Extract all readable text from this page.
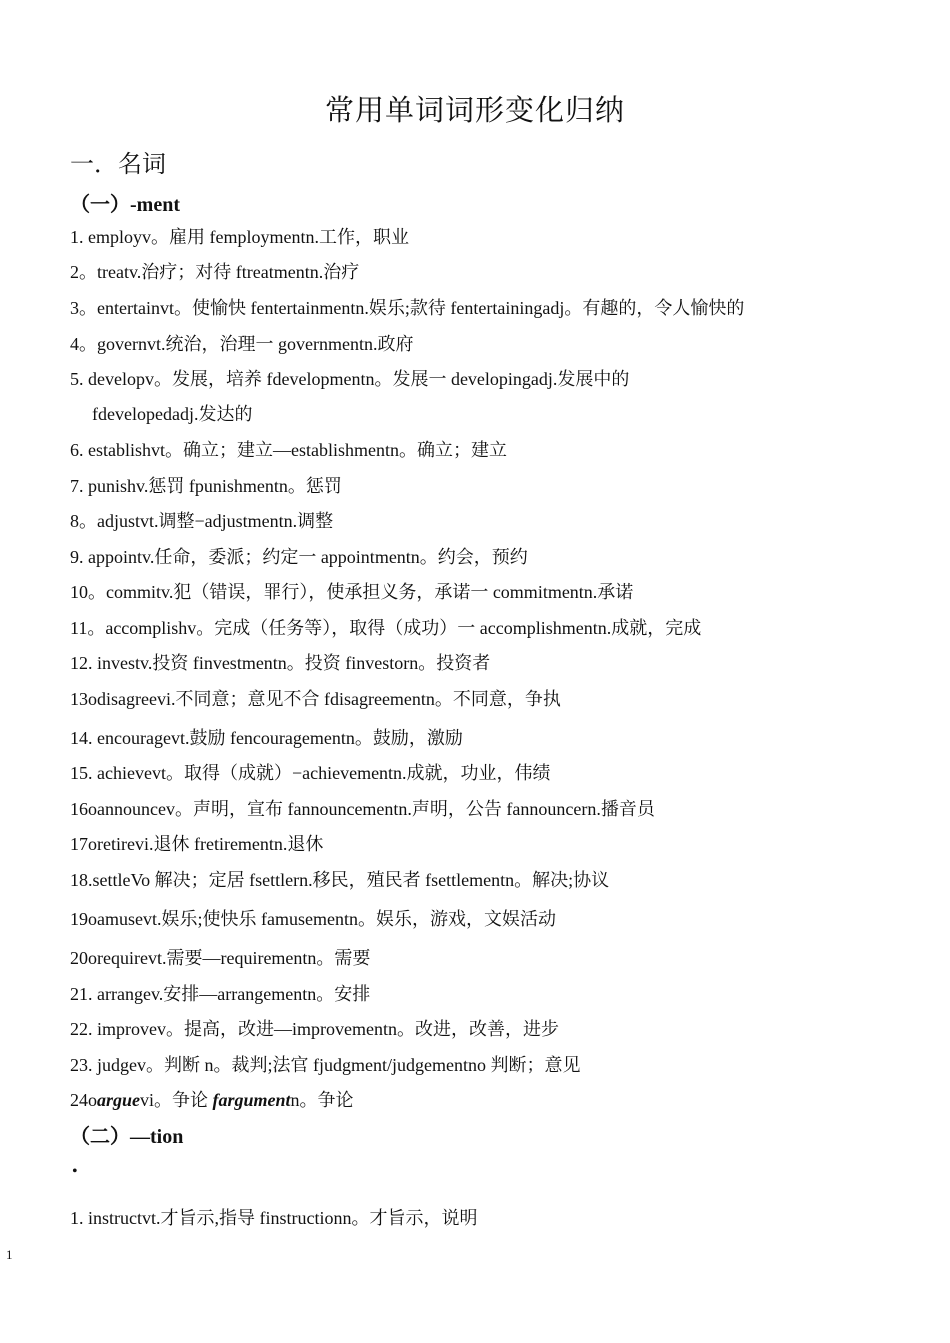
常用单词词形变化归纳
一．名词
（一）-ment
1. employv。雇用 fеmploymentn.工作，职业
2。treatv.治疗；对待 ftreatmentn.治疗
3。entertainvt。使愉快 fentertainmentn.娱乐;款待 fentertainingadj。有趣的，令人愉快的
4。governvt.统治，治理一 governmentn.政府
5. developv。发展，培养 fdevelopmentn。发展一 developingadj.发展中的
fdevelopedadj.发达的
6. establishvt。确立；建立—establishmentn。确立；建立
7. punishv.惩罚 fpunishmentn。惩罚
8。adjustvt.调整−adjustmentn.调整
9. appointv.任命，委派；约定一 appointmentn。约会，预约
10。commitv.犯（错误，罪行），使承担义务，承诺一 commitmentn.承诺
11。accomplishv。完成（任务等），取得（成功）一 accomplishmentn.成就，完成
12. investv.投资 finvestmentn。投资 finvestorn。投资者
13odisagreevi.不同意；意见不合 fdisagreementn。不同意，争执
14. encouragevt.鼓励 fencouragementn。鼓励，激励
15. achievevt。取得（成就）−achievementn.成就，功业，伟绩
16oannouncev。声明，宣布 fannouncementn.声明，公告 fannouncern.播音员
17oretirevi.退休 fretirementn.退休
18.settleVo 解决；定居 fsettlern.移民，殖民者 fsettlementn。解决;协议
19oamusevt.娱乐;使快乐 famusementn。娱乐，游戏，文娱活动
20orequirevt.需要—requirementn。需要
21. arrangev.安排—arrangementn。安排
22. improvev。提高，改进—improvementn。改进，改善，进步
23. judgev。判断 n。裁判;法官 fjudgment/judgementno 判断；意见
24oarguevi。争论 fargumentn。争论
（二）—tion
•
1. instructvt.才旨示,指导 finstructionn。才旨示，说明
1
